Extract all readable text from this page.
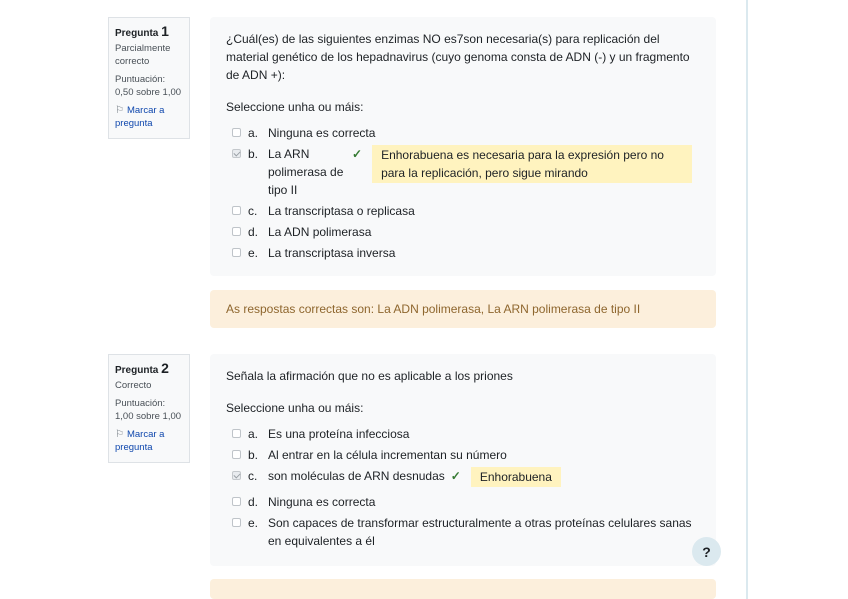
Pregunta 1
Parcialmente correcto
Puntuación: 0,50 sobre 1,00
⚐ Marcar a pregunta

¿Cuál(es) de las siguientes enzimas NO es7son necesaria(s) para replicación del material genético de los hepadnavirus (cuyo genoma consta de ADN (-) y un fragmento de ADN +):

Seleccione unha ou máis:

a. Ninguna es correcta
b. La ARN polimerasa de tipo II
✓	Enhorabuena es necesaria para la expresión pero no para la replicación, pero sigue mirando
c. La transcriptasa o replicasa
d. La ADN polimerasa
e. La transcriptasa inversa
As respostas correctas son: La ADN polimerasa, La ARN polimerasa de tipo II
Pregunta 2
Correcto
Puntuación: 1,00 sobre 1,00
⚐ Marcar a pregunta

Señala la afirmación que no es aplicable a los priones

Seleccione unha ou máis:

a. Es una proteína infecciosa
b. Al entrar en la célula incrementan su número
c. son moléculas de ARN desnudas ✓	Enhorabuena
d. Ninguna es correcta
e. Son capaces de transformar estructuralmente a otras proteínas celulares sanas en equivalentes a él
?
